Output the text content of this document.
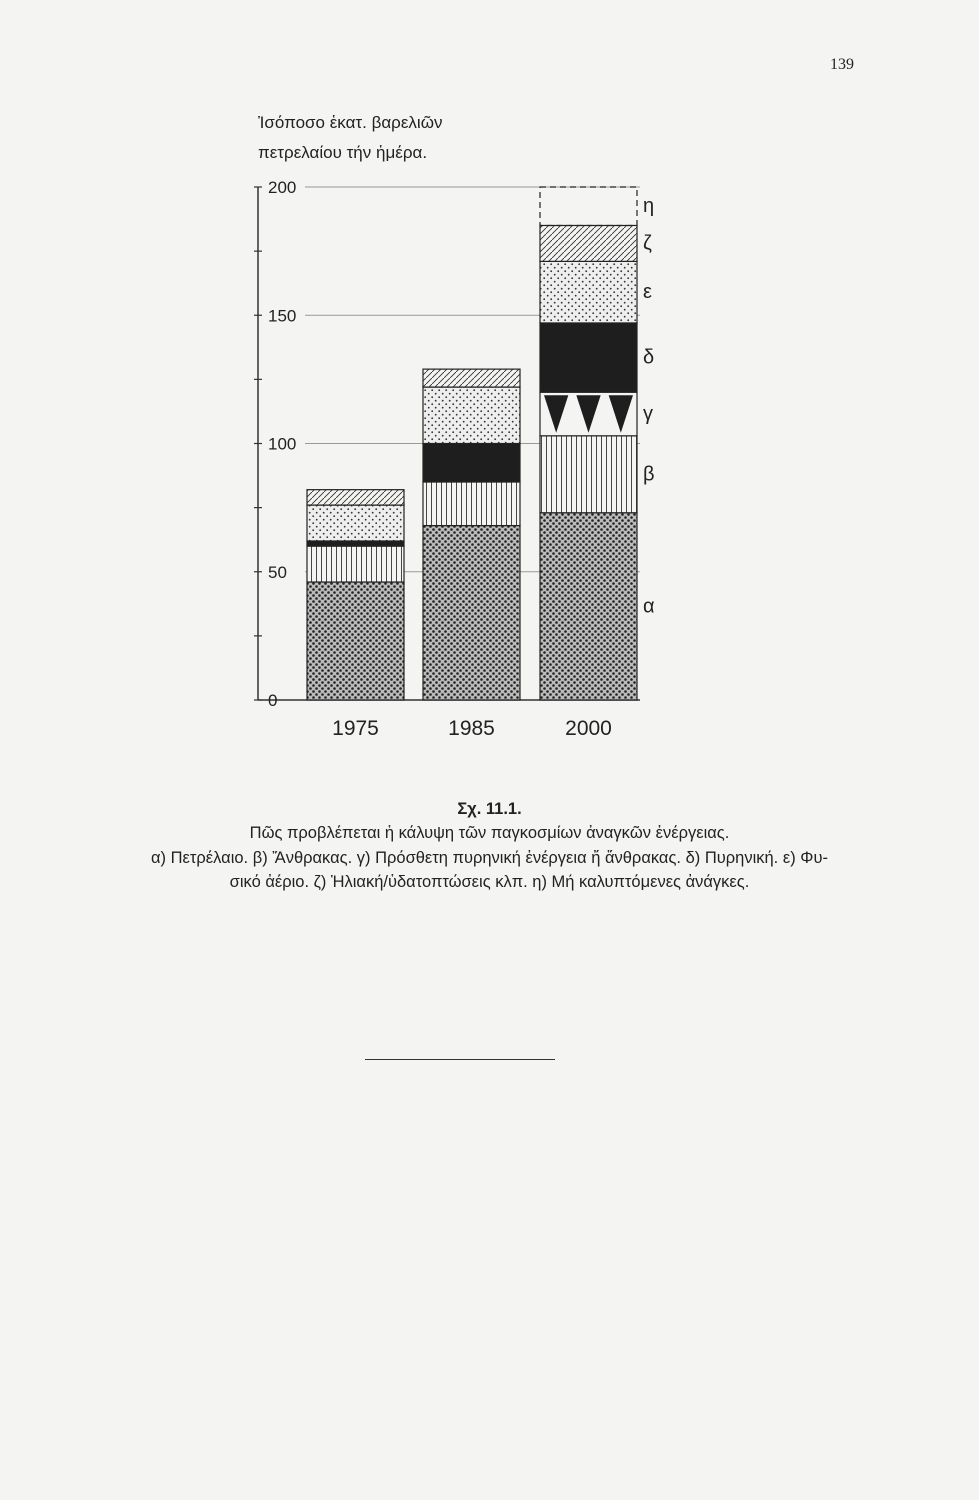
139
Ἰσόποσο ἑκατ. βαρελιῶν
πετρελαίου τήν ἡμέρα.
0
50
100
150
200
1975	1985	2000
α
β
γ
δ
ε
ζ
η
Σχ. 11.1.
Πῶς προβλέπεται ἡ κάλυψη τῶν παγκοσμίων ἀναγκῶν ἐνέργειας.
α) Πετρέλαιο. β) Ἄνθρακας. γ) Πρόσθετη πυρηνική ἐνέργεια ἤ ἄνθρακας. δ) Πυρηνική. ε) Φυ-
σικό ἀέριο. ζ) Ἡλιακή/ὑδατοπτώσεις κλπ. η) Μή καλυπτόμενες ἀνάγκες.
